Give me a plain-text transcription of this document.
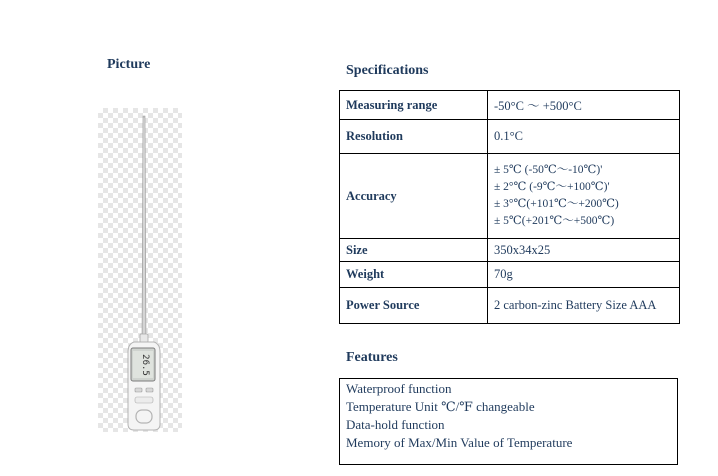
Picture
26.5
Specifications
Measuring range	-50°C ～ +500°C
Resolution	0.1°C
Accuracy	± 5℃ (-50℃～-10℃)'
± 2°℃ (-9℃～+100℃)'
± 3°℃(+101℃～+200℃)
± 5℃(+201℃～+500℃)

Size	350x34x25
Weight	70g
Power Source	2 carbon-zinc Battery Size AAA
Features
Waterproof function
Temperature Unit ℃/℉ changeable
Data-hold function
Memory of Max/Min Value of Temperature
